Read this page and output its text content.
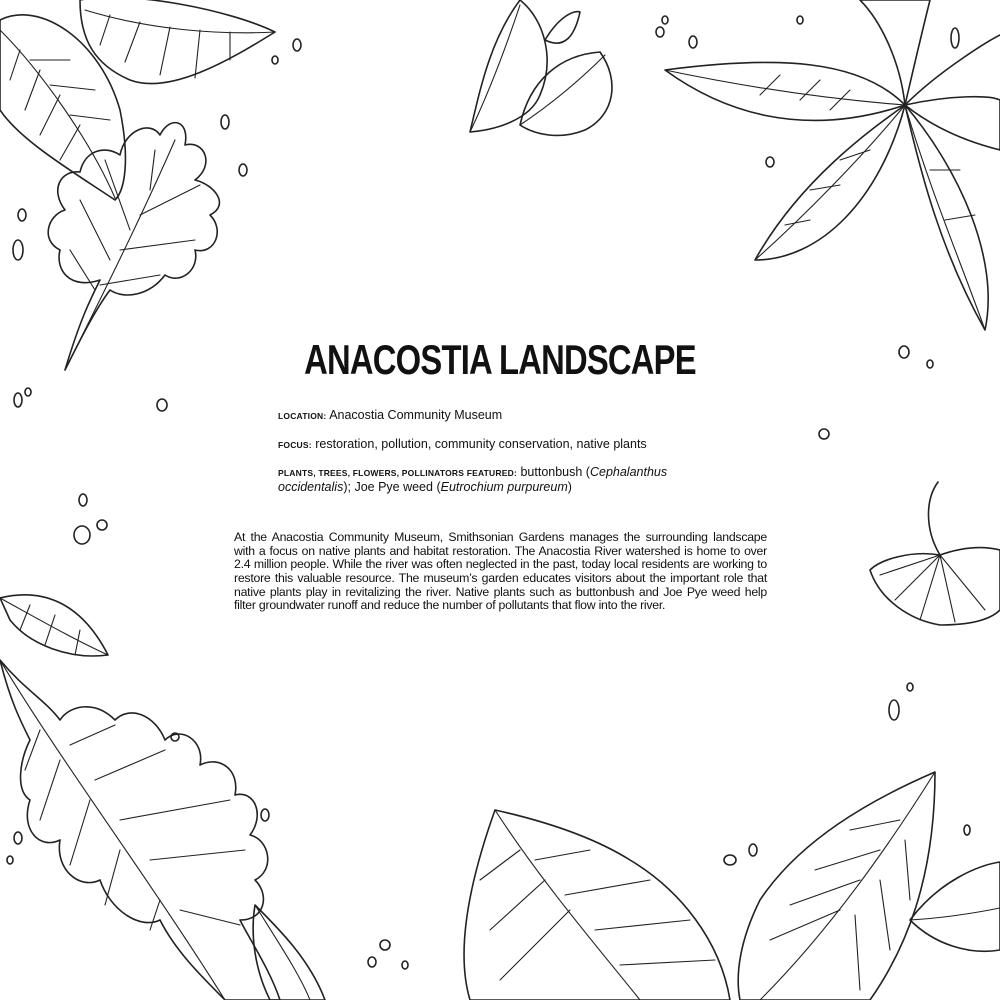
ANACOSTIA LANDSCAPE
LOCATION: Anacostia Community Museum
FOCUS: restoration, pollution, community conservation, native plants
PLANTS, TREES, FLOWERS, POLLINATORS FEATURED: buttonbush (Cephalanthus occidentalis); Joe Pye weed (Eutrochium purpureum)

At the Anacostia Community Museum, Smithsonian Gardens manages the surrounding landscape with a focus on native plants and habitat restoration. The Anacostia River watershed is home to over 2.4 million people. While the river was often neglected in the past, today local residents are working to restore this valuable resource. The museum’s garden educates visitors about the important role that native plants play in revitalizing the river. Native plants such as buttonbush and Joe Pye weed help filter groundwater runoff and reduce the number of pollutants that flow into the river.
